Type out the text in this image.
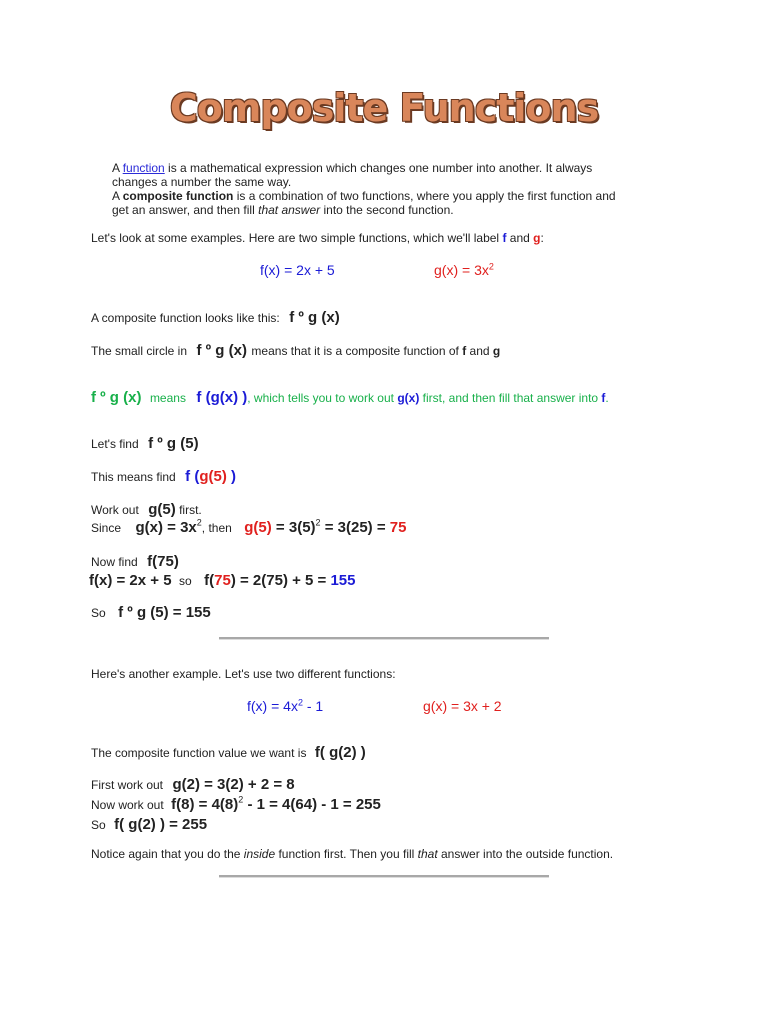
Composite Functions
A function is a mathematical expression which changes one number into another. It always
changes a number the same way.
A composite function is a combination of two functions, where you apply the first function and
get an answer, and then fill that answer into the second function.
Let's look at some examples. Here are two simple functions, which we'll label f and g:
f(x) = 2x + 5	$g(x) = 3x^2$
A composite function looks like this: f º g (x)
The small circle in f º g (x) means that it is a composite function of f and g
f º g (x) means f (g(x) ), which tells you to work out g(x) first, and then fill that answer into f.
Let's find f º g (5)
This means find f (g(5) )
Work out g(5) first.
Since $g(x) = 3x^2$, then $g(5) = 3(5)^2 = 3(25) = 75$
Now find f(75)
f(x) = 2x + 5 so f(75) = 2(75) + 5 = 155
So f º g (5) = 155
Here's another example. Let's use two different functions:
$f(x) = 4x^2 - 1$	g(x) = 3x + 2
The composite function value we want is f( g(2) )
First work out g(2) = 3(2) + 2 = 8
Now work out $f(8) = 4(8)^2 - 1 = 4(64) - 1 = 255$
So f( g(2) ) = 255
Notice again that you do the inside function first. Then you fill that answer into the outside function.
